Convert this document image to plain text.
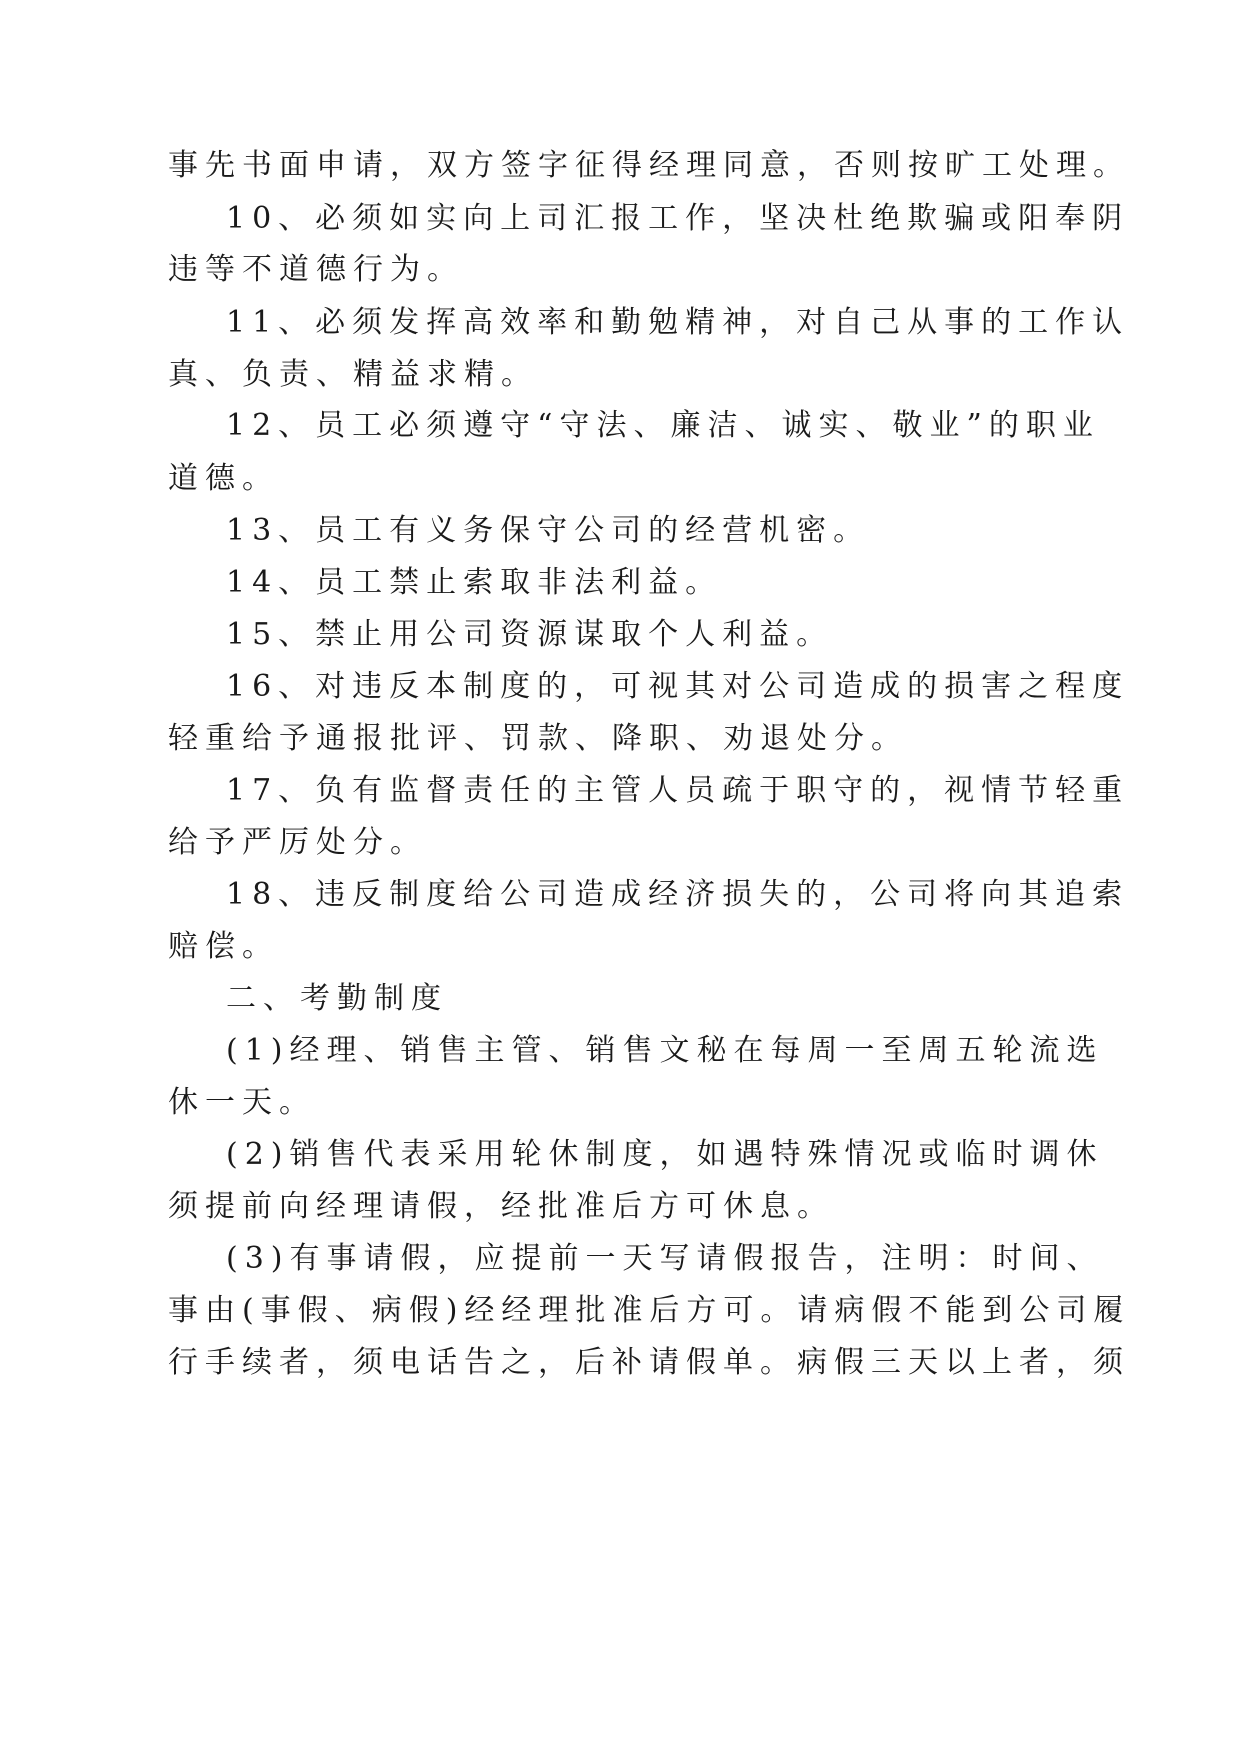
事先书面申请，双方签字征得经理同意，否则按旷工处理。
10、必须如实向上司汇报工作，坚决杜绝欺骗或阳奉阴
违等不道德行为。
11、必须发挥高效率和勤勉精神，对自己从事的工作认
真、负责、精益求精。
12、员工必须遵守“守法、廉洁、诚实、敬业”的职业
道德。
13、员工有义务保守公司的经营机密。
14、员工禁止索取非法利益。
15、禁止用公司资源谋取个人利益。
16、对违反本制度的，可视其对公司造成的损害之程度
轻重给予通报批评、罚款、降职、劝退处分。
17、负有监督责任的主管人员疏于职守的，视情节轻重
给予严厉处分。
18、违反制度给公司造成经济损失的，公司将向其追索
赔偿。
二、考勤制度
(1)经理、销售主管、销售文秘在每周一至周五轮流选
休一天。
(2)销售代表采用轮休制度，如遇特殊情况或临时调休
须提前向经理请假，经批准后方可休息。
(3)有事请假，应提前一天写请假报告，注明：时间、
事由(事假、病假)经经理批准后方可。请病假不能到公司履
行手续者，须电话告之，后补请假单。病假三天以上者，须
